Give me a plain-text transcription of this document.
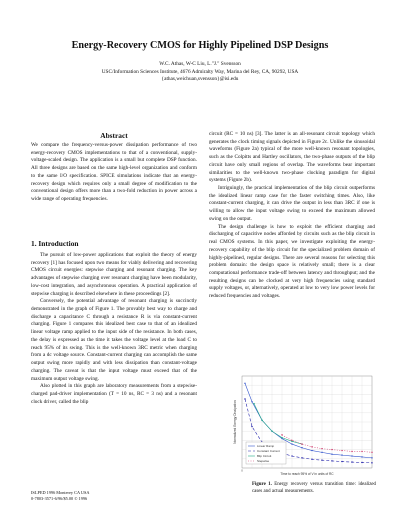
Energy-Recovery CMOS for Highly Pipelined DSP Designs
W.C. Athas, W-C Liu, L."J." Svensson
USC/Information Sciences Institute, 4676 Admiralty Way, Marina del Rey, CA, 90292, USA
{athas,weichuan,svensson}@isi.edu
Abstract

We compare the frequency-versus-power dissipation performance of two energy-recovery CMOS implementations to that of a conventional, supply-voltage-scaled design. The application is a small but complete DSP function. All three designs are based on the same high-level organization and conform to the same I/O specification. SPICE simulations indicate that an energy-recovery design which requires only a small degree of modification to the conventional design offers more than a two-fold reduction in power across a wide range of operating frequencies.

1. Introduction

The pursuit of low-power applications that exploit the theory of energy recovery [1] has focused upon two means for viably delivering and recovering CMOS circuit energies: stepwise charging and resonant charging. The key advantages of stepwise charging over resonant charging have been modularity, low-cost integration, and asynchronous operation. A practical application of stepwise charging is described elsewhere in these proceedings [2].

Conversely, the potential advantage of resonant charging is succinctly demonstrated in the graph of Figure 1. The provably best way to charge and discharge a capacitance C through a resistance R is via constant-current charging. Figure 1 compares this idealized best case to that of an idealized linear voltage ramp applied to the input side of the resistance. In both cases, the delay is expressed as the time it takes the voltage level at the load C to reach 95% of its swing. This is the well-known 3RC metric when charging from a dc voltage source. Constant-current charging can accomplish the same output swing more rapidly and with less dissipation than constant-voltage charging. The caveat is that the input voltage must exceed that of the maximum output voltage swing.

Also plotted in this graph are laboratory measurements from a stepwise-charged pad-driver implementation (T = 10 ns, RC = 3 ns) and a resonant clock driver, called the blip

circuit (RC = 10 ns) [3]. The latter is an all-resonant circuit topology which generates the clock timing signals depicted in Figure 2c. Unlike the sinusoidal waveforms (Figure 2a) typical of the more well-known resonant topologies, such as the Colpitts and Hartley oscillators, the two-phase outputs of the blip circuit have only small regions of overlap. The waveforms bear important similarities to the well-known two-phase clocking paradigm for digital systems (Figure 2b).

Intriguingly, the practical implementation of the blip circuit outperforms the idealized linear ramp case for the faster switching times. Also, like constant-current charging, it can drive the output in less than 3RC if one is willing to allow the input voltage swing to exceed the maximum allowed swing on the output.

The design challenge is how to exploit the efficient charging and discharging of capacitive nodes afforded by circuits such as the blip circuit in real CMOS systems. In this paper, we investigate exploiting the energy-recovery capability of the blip circuit for the specialized problem domain of highly-pipelined, regular designs. There are several reasons for selecting this problem domain: the design space is relatively small; there is a clear computational performance trade-off between latency and throughput; and the resulting designs can be clocked at very high frequencies using standard supply voltages, or, alternatively, operated at low to very low power levels for reduced frequencies and voltages.

Linear Ramp
Constant Current
Blip Circuit
Stepwise
Time to reach 95% of V in units of RC
Normalized Energy Dissipation
0
Figure 1. Energy recovery versus transition time: idealized cases and actual measurements.
ISLPED 1996 Monterey CA USA
0-7803-3571-6/96/$5.00 © 1996
